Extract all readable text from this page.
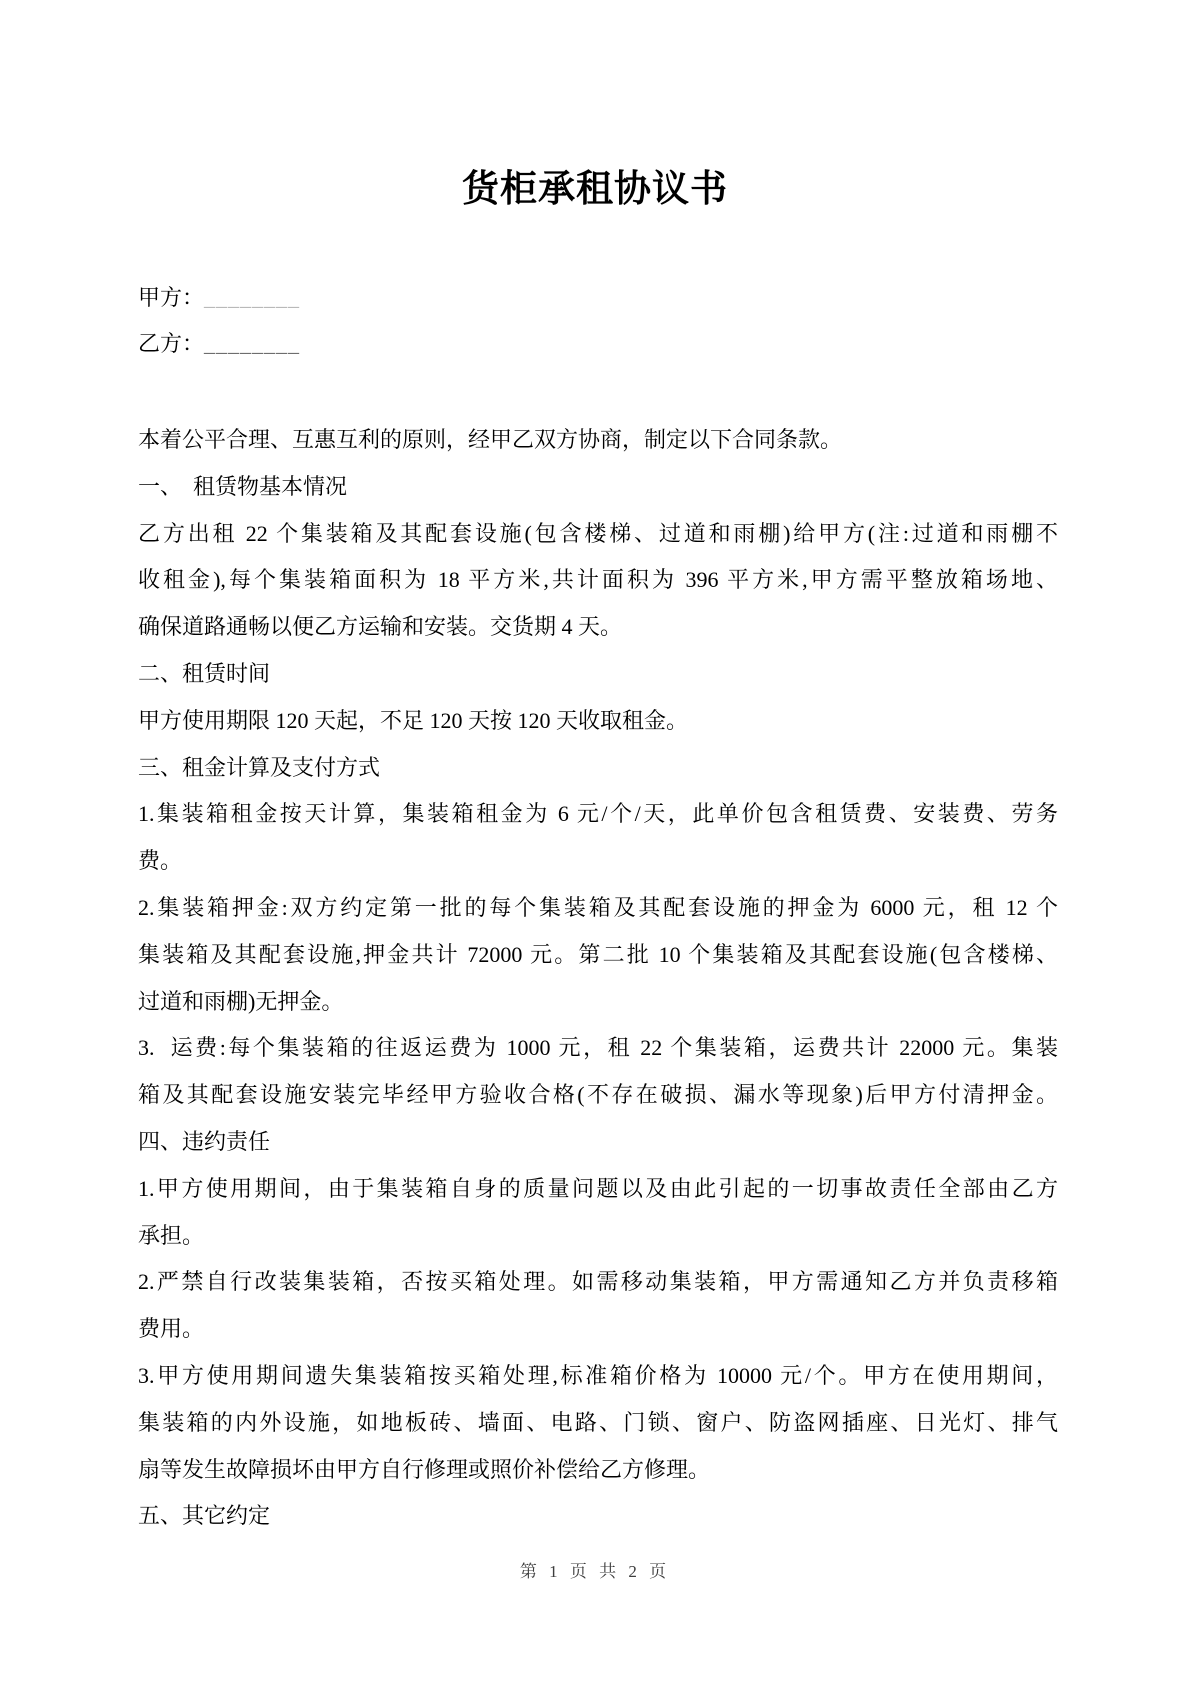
货柜承租协议书
甲方：________
乙方：________
本着公平合理、互惠互利的原则，经甲乙双方协商，制定以下合同条款。
一、　租赁物基本情况
乙方出租 22 个集装箱及其配套设施(包含楼梯、过道和雨棚)给甲方(注:过道和雨棚不
收租金),每个集装箱面积为 18 平方米,共计面积为 396 平方米,甲方需平整放箱场地、
确保道路通畅以便乙方运输和安装。交货期 4 天。
二、租赁时间
甲方使用期限 120 天起，不足 120 天按 120 天收取租金。
三、租金计算及支付方式
1.集装箱租金按天计算，集装箱租金为 6 元/个/天，此单价包含租赁费、安装费、劳务
费。
2.集装箱押金:双方约定第一批的每个集装箱及其配套设施的押金为 6000 元，租 12 个
集装箱及其配套设施,押金共计 72000 元。第二批 10 个集装箱及其配套设施(包含楼梯、
过道和雨棚)无押金。
3.  运费:每个集装箱的往返运费为 1000 元，租 22 个集装箱，运费共计 22000 元。集装
箱及其配套设施安装完毕经甲方验收合格(不存在破损、漏水等现象)后甲方付清押金。
四、违约责任
1.甲方使用期间，由于集装箱自身的质量问题以及由此引起的一切事故责任全部由乙方
承担。
2.严禁自行改装集装箱，否按买箱处理。如需移动集装箱，甲方需通知乙方并负责移箱
费用。
3.甲方使用期间遗失集装箱按买箱处理,标准箱价格为 10000 元/个。甲方在使用期间，
集装箱的内外设施，如地板砖、墙面、电路、门锁、窗户、防盗网插座、日光灯、排气
扇等发生故障损坏由甲方自行修理或照价补偿给乙方修理。
五、其它约定
第 1 页 共 2 页
